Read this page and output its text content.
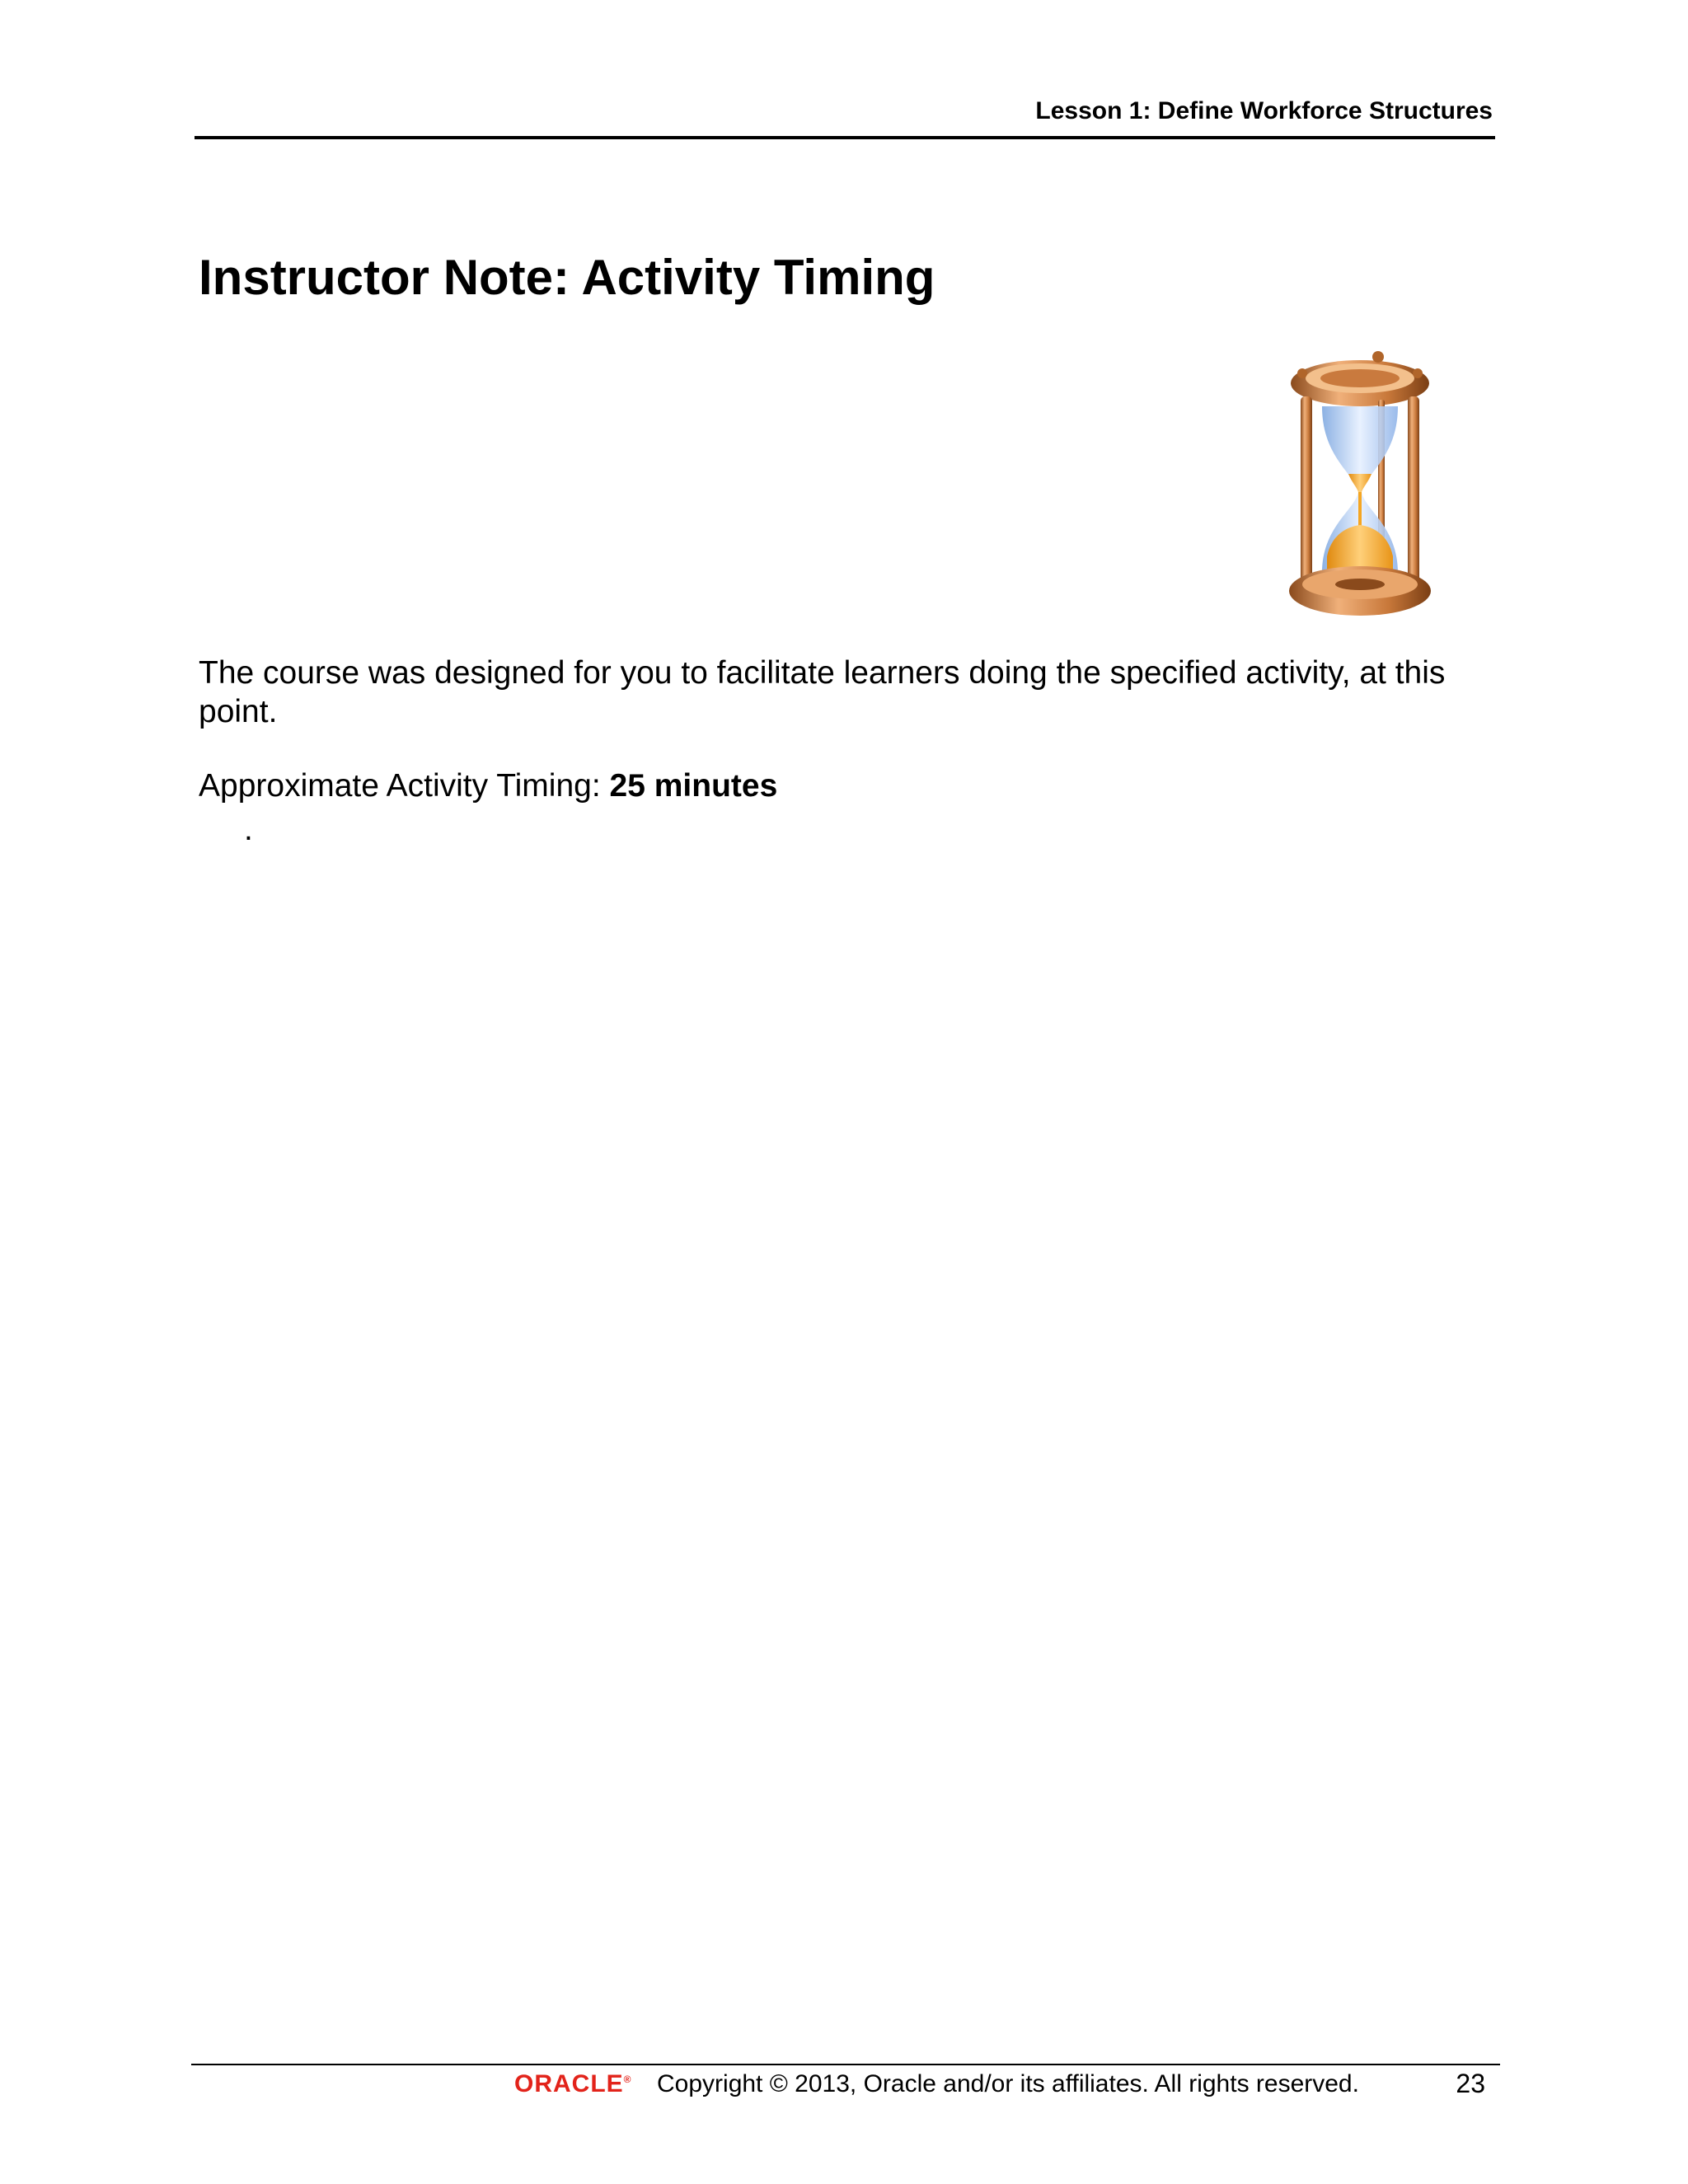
Lesson 1: Define Workforce Structures
Instructor Note: Activity Timing

The course was designed for you to facilitate learners doing the specified activity, at this point.

Approximate Activity Timing: 25 minutes
.
ORACLE® Copyright © 2013, Oracle and/or its affiliates. All rights reserved.	23
